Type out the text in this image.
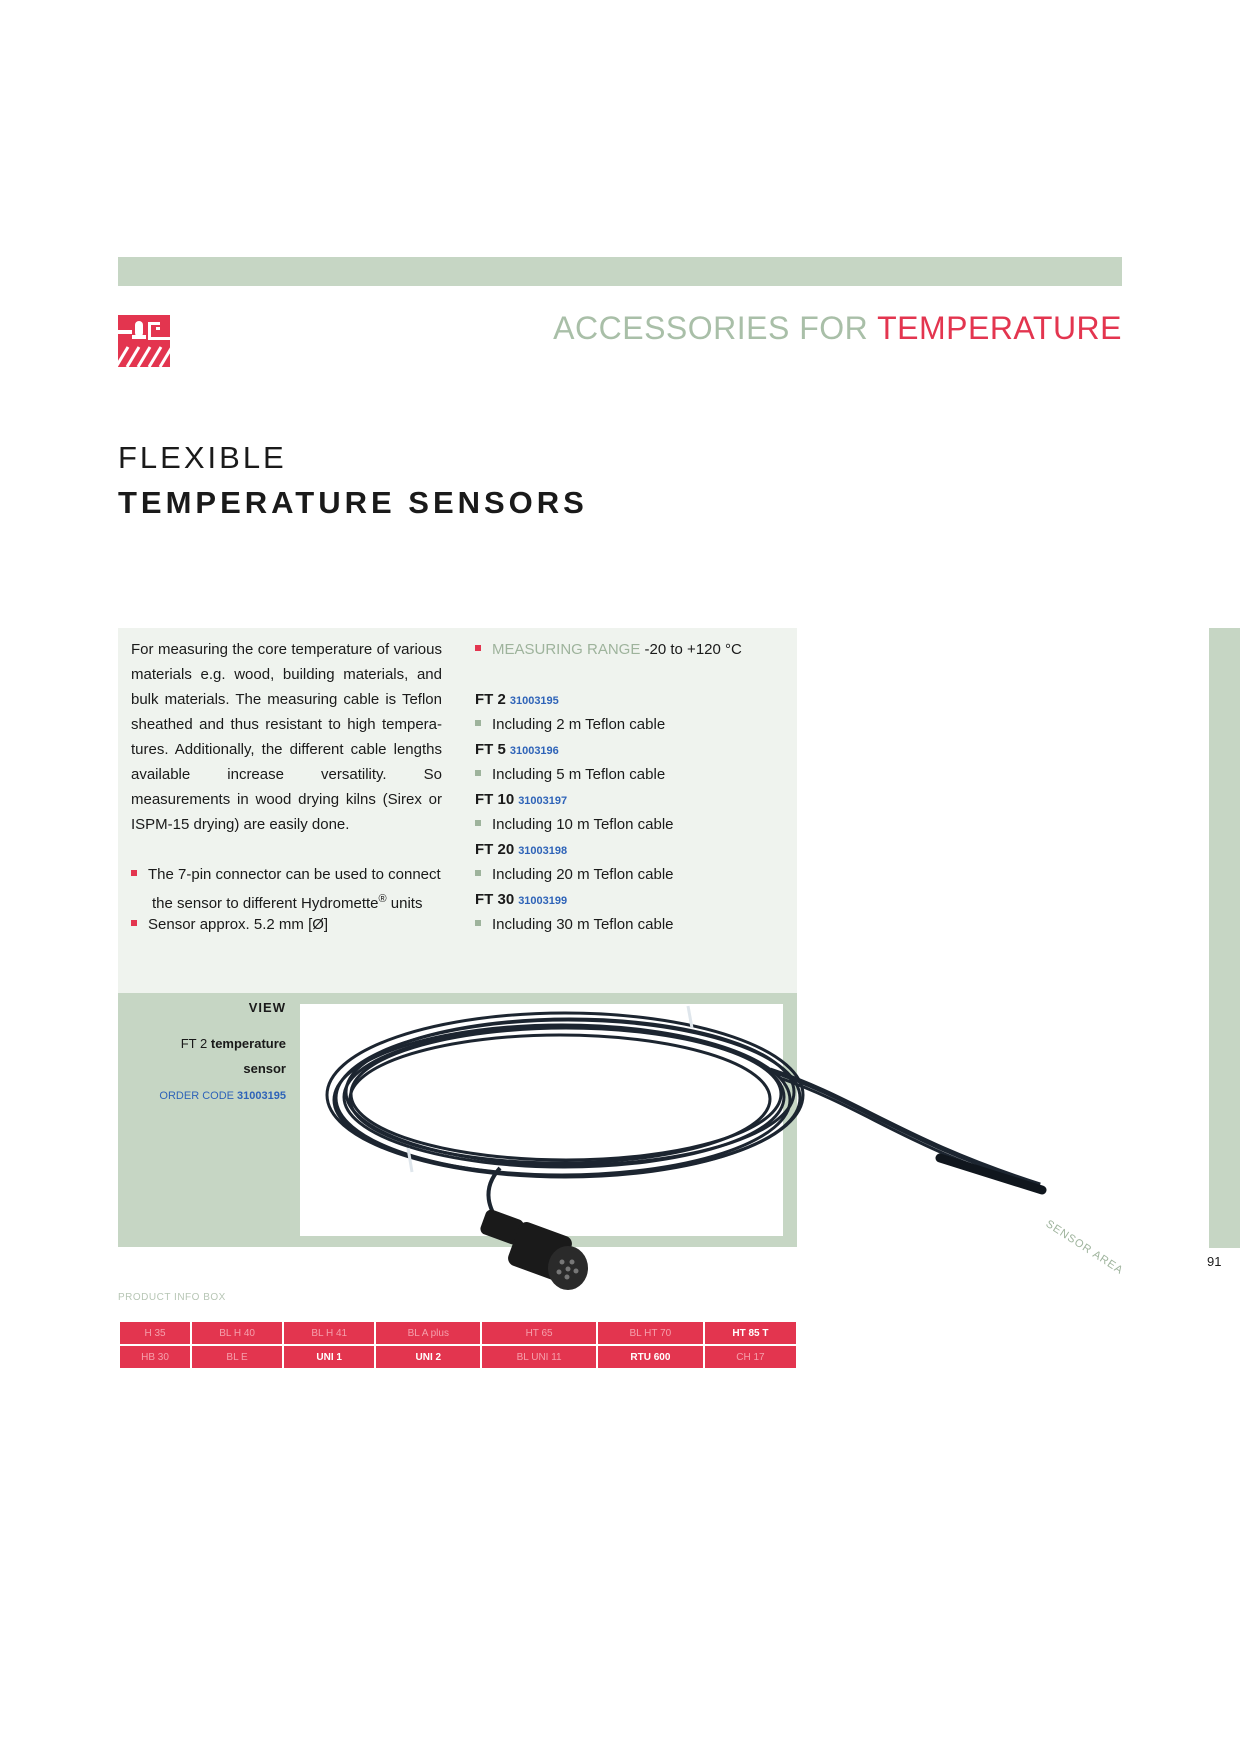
ACCESSORIES FOR TEMPERATURE
FLEXIBLE
TEMPERATURE SENSORS
91
For measuring the core temperature of various materials e.g. wood, building materials, and bulk materials. The measuring cable is Teflon sheathed and thus resistant to high tempera-tures. Additionally, the different cable lengths available increase versatility. So measurements in wood drying kilns (Sirex or ISPM-15 drying) are easily done.
The 7-pin connector can be used to connect
the sensor to different Hydromette® units
Sensor approx. 5.2 mm [Ø]
MEASURING RANGE -20 to +120 °C
FT 2 31003195
Including 2 m Teflon cable
FT 5 31003196
Including 5 m Teflon cable
FT 10 31003197
Including 10 m Teflon cable
FT 20 31003198
Including 20 m Teflon cable
FT 30 31003199
Including 30 m Teflon cable
VIEW
FT 2 temperature
sensor
ORDER CODE 31003195
SENSOR AREA
PRODUCT INFO BOX
H 35	BL H 40	BL H 41	BL A plus	HT 65	BL HT 70	HT 85 T
HB 30	BL E	UNI 1	UNI 2	BL UNI 11	RTU 600	CH 17
